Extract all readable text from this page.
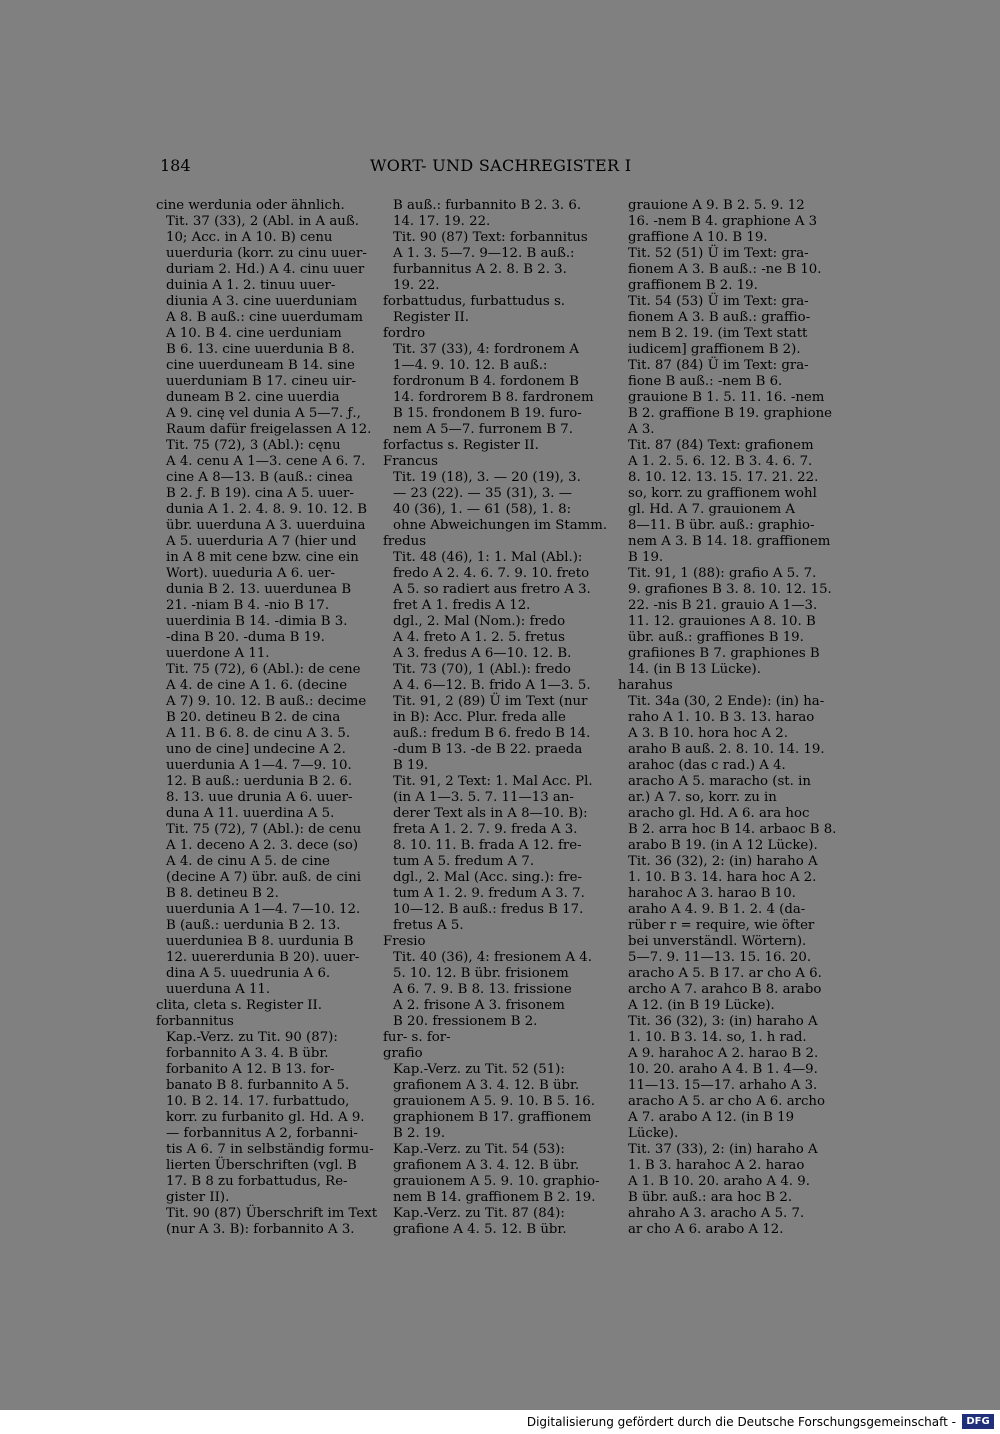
184	WORT- UND SACHREGISTER I
cine werdunia oder ähnlich.
Tit. 37 (33), 2 (Abl. in A auß.
10; Acc. in A 10. B) cenu
uuerduria (korr. zu cinu uuer-
duriam 2. Hd.) A 4. cinu uuer
duinia A 1. 2. tinuu uuer-
diunia A 3. cine uuerduniam
A 8. B auß.: cine uuerdumam
A 10. B 4. cine uerduniam
B 6. 13. cine uuerdunia B 8.
cine uuerduneam B 14. sine
uuerduniam B 17. cineu uir-
duneam B 2. cine uuerdia
A 9. cinę vel dunia A 5—7. ƒ.,
Raum dafür freigelassen A 12.
Tit. 75 (72), 3 (Abl.): cęnu
A 4. cenu A 1—3. cene A 6. 7.
cine A 8—13. B (auß.: cinea
B 2. ƒ. B 19). cina A 5. uuer-
dunia A 1. 2. 4. 8. 9. 10. 12. B
übr. uuerduna A 3. uuerduina
A 5. uuerduria A 7 (hier und
in A 8 mit cene bzw. cine ein
Wort). uueduria A 6. uer-
dunia B 2. 13. uuerdunea B
21. -niam B 4. -nio B 17.
uuerdinia B 14. -dimia B 3.
-dina B 20. -duma B 19.
uuerdone A 11.
Tit. 75 (72), 6 (Abl.): de cene
A 4. de cine A 1. 6. (decine
A 7) 9. 10. 12. B auß.: decime
B 20. detineu B 2. de cina
A 11. B 6. 8. de cinu A 3. 5.
uno de cine] undecine A 2.
uuerdunia A 1—4. 7—9. 10.
12. B auß.: uerdunia B 2. 6.
8. 13. uue drunia A 6. uuer-
duna A 11. uuerdina A 5.
Tit. 75 (72), 7 (Abl.): de cenu
A 1. deceno A 2. 3. dece (so)
A 4. de cinu A 5. de cine
(decine A 7) übr. auß. de cini
B 8. detineu B 2.
uuerdunia A 1—4. 7—10. 12.
B (auß.: uerdunia B 2. 13.
uuerduniea B 8. uurdunia B
12. uuererdunia B 20). uuer-
dina A 5. uuedrunia A 6.
uuerduna A 11.
clita, cleta s. Register II.
forbannitus
Kap.-Verz. zu Tit. 90 (87):
forbannito A 3. 4. B übr.
forbanito A 12. B 13. for-
banato B 8. furbannito A 5.
10. B 2. 14. 17. furbattudo,
korr. zu furbanito gl. Hd. A 9.
— forbannitus A 2, forbanni-
tis A 6. 7 in selbständig formu-
lierten Überschriften (vgl. B
17. B 8 zu forbattudus, Re-
gister II).
Tit. 90 (87) Überschrift im Text
(nur A 3. B): forbannito A 3.
B auß.: furbannito B 2. 3. 6.
14. 17. 19. 22.
Tit. 90 (87) Text: forbannitus
A 1. 3. 5—7. 9—12. B auß.:
furbannitus A 2. 8. B 2. 3.
19. 22.
forbattudus, furbattudus s.
Register II.
fordro
Tit. 37 (33), 4: fordronem A
1—4. 9. 10. 12. B auß.:
fordronum B 4. fordonem B
14. fordrorem B 8. fardronem
B 15. frondonem B 19. furo-
nem A 5—7. furronem B 7.
forfactus s. Register II.
Francus
Tit. 19 (18), 3. — 20 (19), 3.
— 23 (22). — 35 (31), 3. —
40 (36), 1. — 61 (58), 1. 8:
ohne Abweichungen im Stamm.
fredus
Tit. 48 (46), 1: 1. Mal (Abl.):
fredo A 2. 4. 6. 7. 9. 10. freto
A 5. so radiert aus fretro A 3.
fret A 1. fredis A 12.
dgl., 2. Mal (Nom.): fredo
A 4. freto A 1. 2. 5. fretus
A 3. fredus A 6—10. 12. B.
Tit. 73 (70), 1 (Abl.): fredo
A 4. 6—12. B. frido A 1—3. 5.
Tit. 91, 2 (89) Ü im Text (nur
in B): Acc. Plur. freda alle
auß.: fredum B 6. fredo B 14.
-dum B 13. -de B 22. praeda
B 19.
Tit. 91, 2 Text: 1. Mal Acc. Pl.
(in A 1—3. 5. 7. 11—13 an-
derer Text als in A 8—10. B):
freta A 1. 2. 7. 9. freda A 3.
8. 10. 11. B. frada A 12. fre-
tum A 5. fredum A 7.
dgl., 2. Mal (Acc. sing.): fre-
tum A 1. 2. 9. fredum A 3. 7.
10—12. B auß.: fredus B 17.
fretus A 5.
Fresio
Tit. 40 (36), 4: fresionem A 4.
5. 10. 12. B übr. frisionem
A 6. 7. 9. B 8. 13. frissione
A 2. frisone A 3. frisonem
B 20. fressionem B 2.
fur- s. for-
grafio
Kap.-Verz. zu Tit. 52 (51):
grafionem A 3. 4. 12. B übr.
grauionem A 5. 9. 10. B 5. 16.
graphionem B 17. graffionem
B 2. 19.
Kap.-Verz. zu Tit. 54 (53):
grafionem A 3. 4. 12. B übr.
grauionem A 5. 9. 10. graphio-
nem B 14. graffionem B 2. 19.
Kap.-Verz. zu Tit. 87 (84):
grafione A 4. 5. 12. B übr.
grauione A 9. B 2. 5. 9. 12
16. -nem B 4. graphione A 3
graffione A 10. B 19.
Tit. 52 (51) Ü im Text: gra-
fionem A 3. B auß.: -ne B 10.
graffionem B 2. 19.
Tit. 54 (53) Ü im Text: gra-
fionem A 3. B auß.: graffio-
nem B 2. 19. (im Text statt
iudicem] graffionem B 2).
Tit. 87 (84) Ü im Text: gra-
fione B auß.: -nem B 6.
grauione B 1. 5. 11. 16. -nem
B 2. graffione B 19. graphione
A 3.
Tit. 87 (84) Text: grafionem
A 1. 2. 5. 6. 12. B 3. 4. 6. 7.
8. 10. 12. 13. 15. 17. 21. 22.
so, korr. zu graffionem wohl
gl. Hd. A 7. grauionem A
8—11. B übr. auß.: graphio-
nem A 3. B 14. 18. graffionem
B 19.
Tit. 91, 1 (88): grafio A 5. 7.
9. grafiones B 3. 8. 10. 12. 15.
22. -nis B 21. grauio A 1—3.
11. 12. grauiones A 8. 10. B
übr. auß.: graffiones B 19.
grafiiones B 7. graphiones B
14. (in B 13 Lücke).
harahus
Tit. 34a (30, 2 Ende): (in) ha-
raho A 1. 10. B 3. 13. harao
A 3. B 10. hora hoc A 2.
araho B auß. 2. 8. 10. 14. 19.
arahoc (das c rad.) A 4.
aracho A 5. maracho (st. in
ar.) A 7. so, korr. zu in
aracho gl. Hd. A 6. ara hoc
B 2. arra hoc B 14. arbaoc B 8.
arabo B 19. (in A 12 Lücke).
Tit. 36 (32), 2: (in) haraho A
1. 10. B 3. 14. hara hoc A 2.
harahoc A 3. harao B 10.
araho A 4. 9. B 1. 2. 4 (da-
rüber r = require, wie öfter
bei unverständl. Wörtern).
5—7. 9. 11—13. 15. 16. 20.
aracho A 5. B 17. ar cho A 6.
archo A 7. arahco B 8. arabo
A 12. (in B 19 Lücke).
Tit. 36 (32), 3: (in) haraho A
1. 10. B 3. 14. so, 1. h rad.
A 9. harahoc A 2. harao B 2.
10. 20. araho A 4. B 1. 4—9.
11—13. 15—17. arhaho A 3.
aracho A 5. ar cho A 6. archo
A 7. arabo A 12. (in B 19
Lücke).
Tit. 37 (33), 2: (in) haraho A
1. B 3. harahoc A 2. harao
A 1. B 10. 20. araho A 4. 9.
B übr. auß.: ara hoc B 2.
ahraho A 3. aracho A 5. 7.
ar cho A 6. arabo A 12.
Digitalisierung gefördert durch die Deutsche Forschungsgemeinschaft -	DFG
